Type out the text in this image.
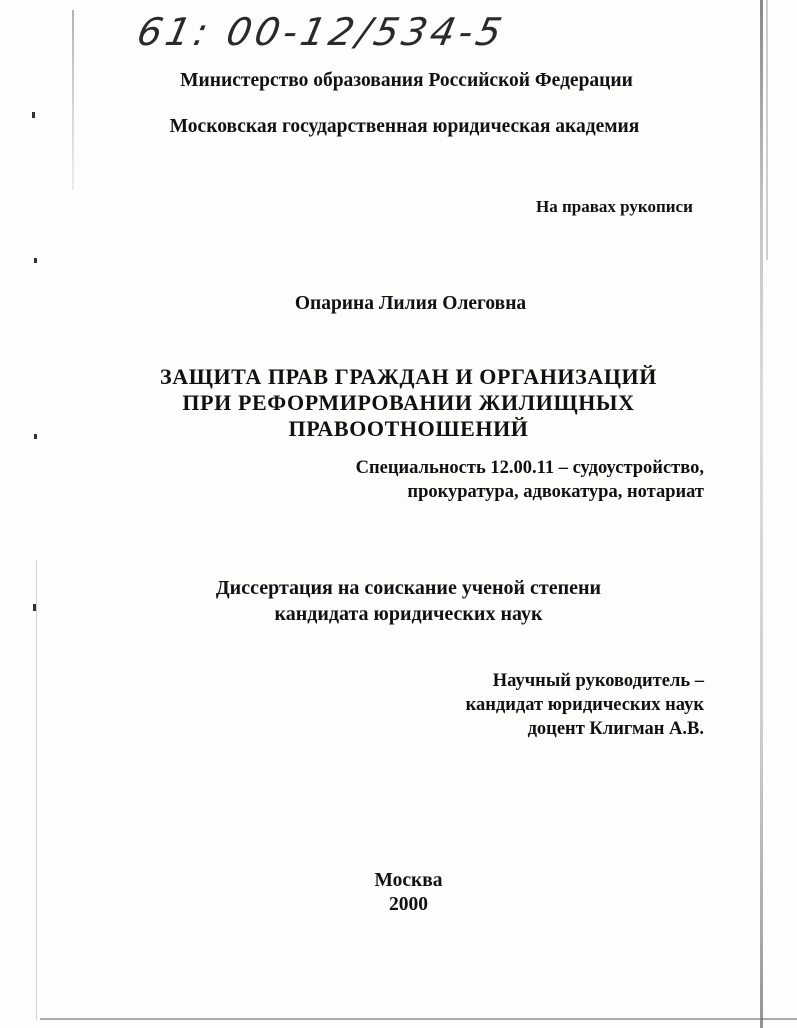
61: 00-12/534-5
Министерство образования Российской Федерации
Московская государственная юридическая академия
На правах рукописи
Опарина Лилия Олеговна
ЗАЩИТА ПРАВ ГРАЖДАН И ОРГАНИЗАЦИЙ
ПРИ РЕФОРМИРОВАНИИ ЖИЛИЩНЫХ
ПРАВООТНОШЕНИЙ
Специальность 12.00.11 – судоустройство,
прокуратура, адвокатура, нотариат
Диссертация на соискание ученой степени
кандидата юридических наук
Научный руководитель –
кандидат юридических наук
доцент Клигман А.В.
Москва
2000
